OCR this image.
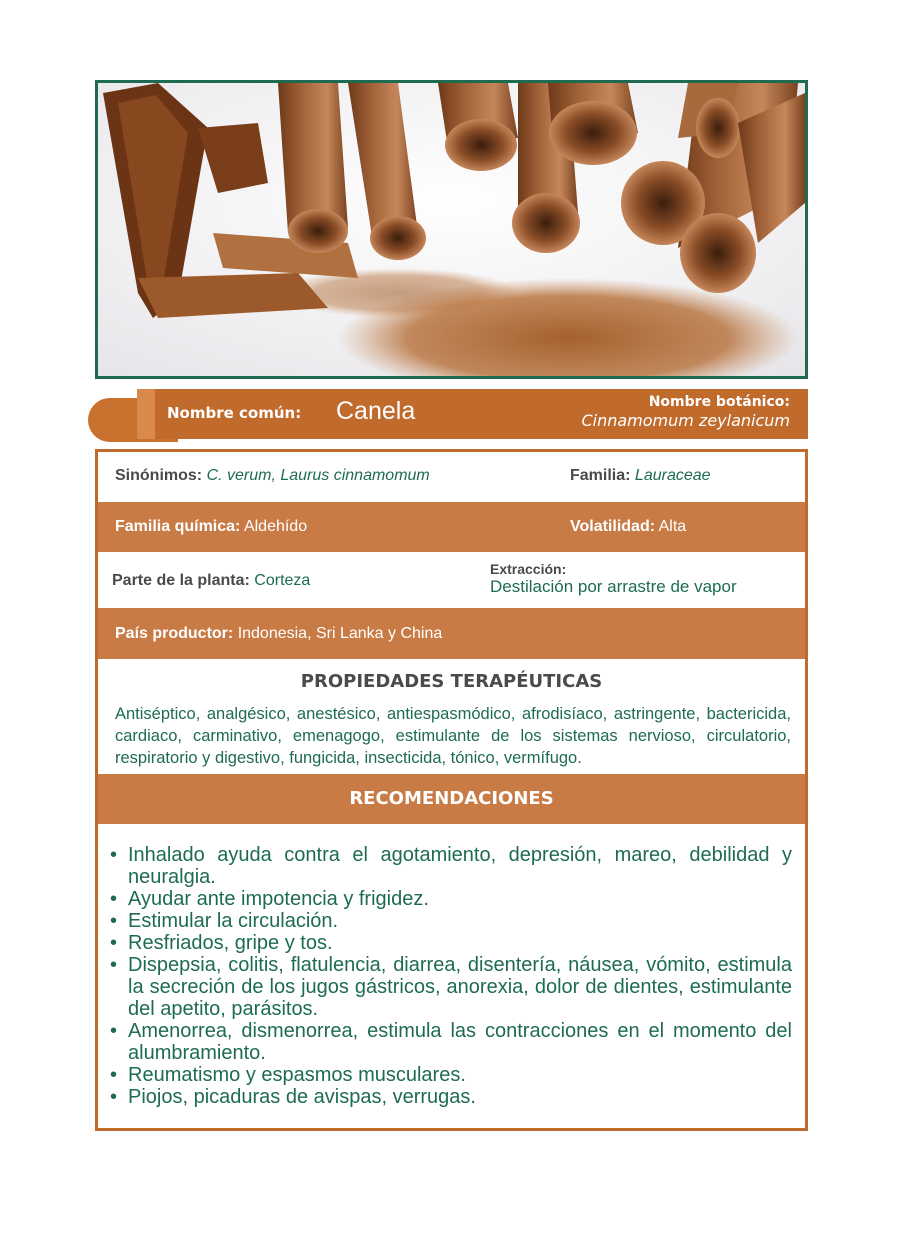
Nombre común: Canela	Nombre botánico:
Cinnamomum zeylanicum
Sinónimos: C. verum, Laurus cinnamomum	Familia: Lauraceae
Familia química: Aldehído	Volatilidad: Alta
Parte de la planta: Corteza
Extracción:
Destilación por arrastre de vapor
País productor: Indonesia, Sri Lanka y China
PROPIEDADES TERAPÉUTICAS

Antiséptico, analgésico, anestésico, antiespasmódico, afrodisíaco, astringente, bactericida, cardiaco, carminativo, emenagogo, estimulante de los sistemas nervioso, circulatorio, respiratorio y digestivo, fungicida, insecticida, tónico, vermífugo.

RECOMENDACIONES
• Inhalado ayuda contra el agotamiento, depresión, mareo, debilidad y neuralgia.
• Ayudar ante impotencia y frigidez.
• Estimular la circulación.
• Resfriados, gripe y tos.
• Dispepsia, colitis, flatulencia, diarrea, disentería, náusea, vómito, estimula la secreción de los jugos gástricos, anorexia, dolor de dientes, estimulante del apetito, parásitos.
• Amenorrea, dismenorrea, estimula las contracciones en el momento del alumbramiento.
• Reumatismo y espasmos musculares.
• Piojos, picaduras de avispas, verrugas.
